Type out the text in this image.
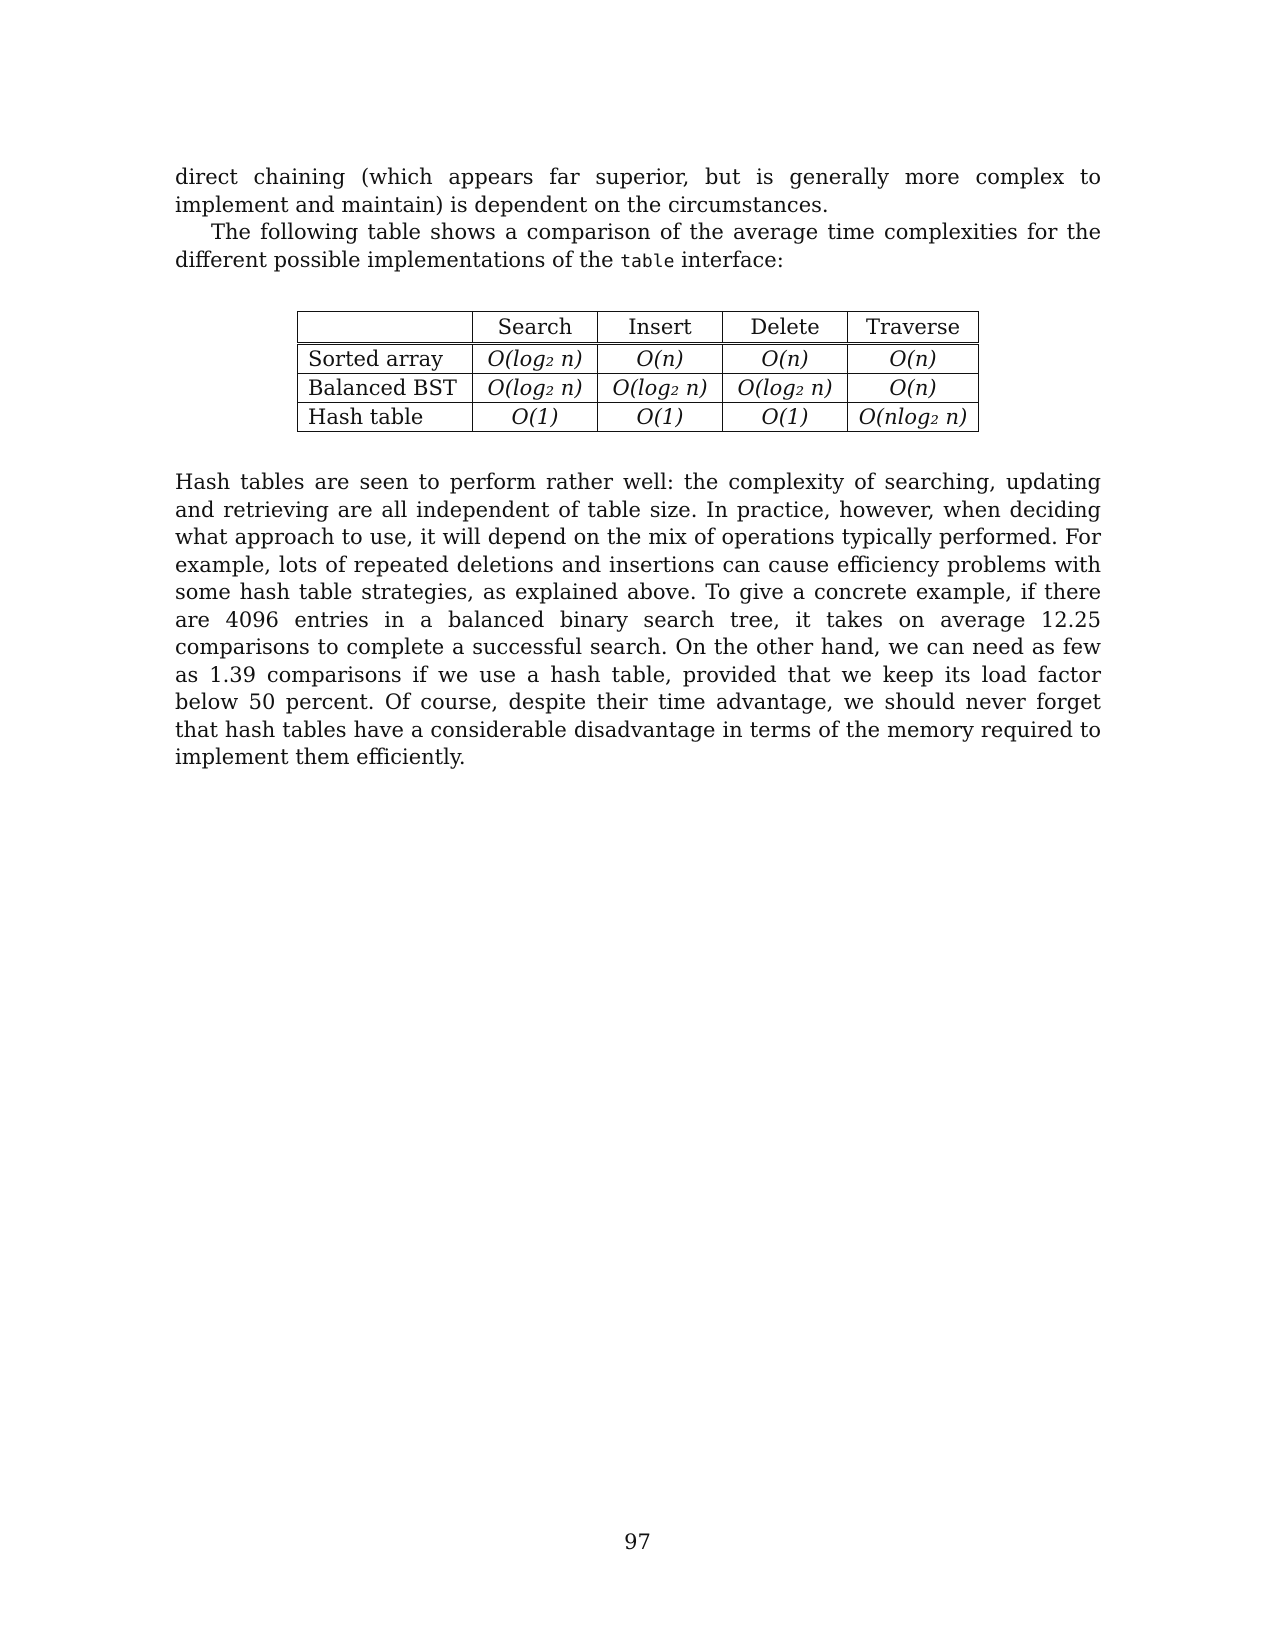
direct chaining (which appears far superior, but is generally more complex to implement and maintain) is dependent on the circumstances.

The following table shows a comparison of the average time complexities for the different possible implementations of the table interface:

	Search	Insert	Delete	Traverse
Sorted array	O(log₂ n)	O(n)	O(n)	O(n)
Balanced BST	O(log₂ n)	O(log₂ n)	O(log₂ n)	O(n)
Hash table	O(1)	O(1)	O(1)	O(nlog₂ n)

Hash tables are seen to perform rather well: the complexity of searching, updating and retrieving are all independent of table size. In practice, however, when deciding what approach to use, it will depend on the mix of operations typically performed. For example, lots of repeated deletions and insertions can cause efficiency problems with some hash table strategies, as explained above. To give a concrete example, if there are 4096 entries in a balanced binary search tree, it takes on average 12.25 comparisons to complete a successful search. On the other hand, we can need as few as 1.39 comparisons if we use a hash table, provided that we keep its load factor below 50 percent. Of course, despite their time advantage, we should never forget that hash tables have a considerable disadvantage in terms of the memory required to implement them efficiently.

97
